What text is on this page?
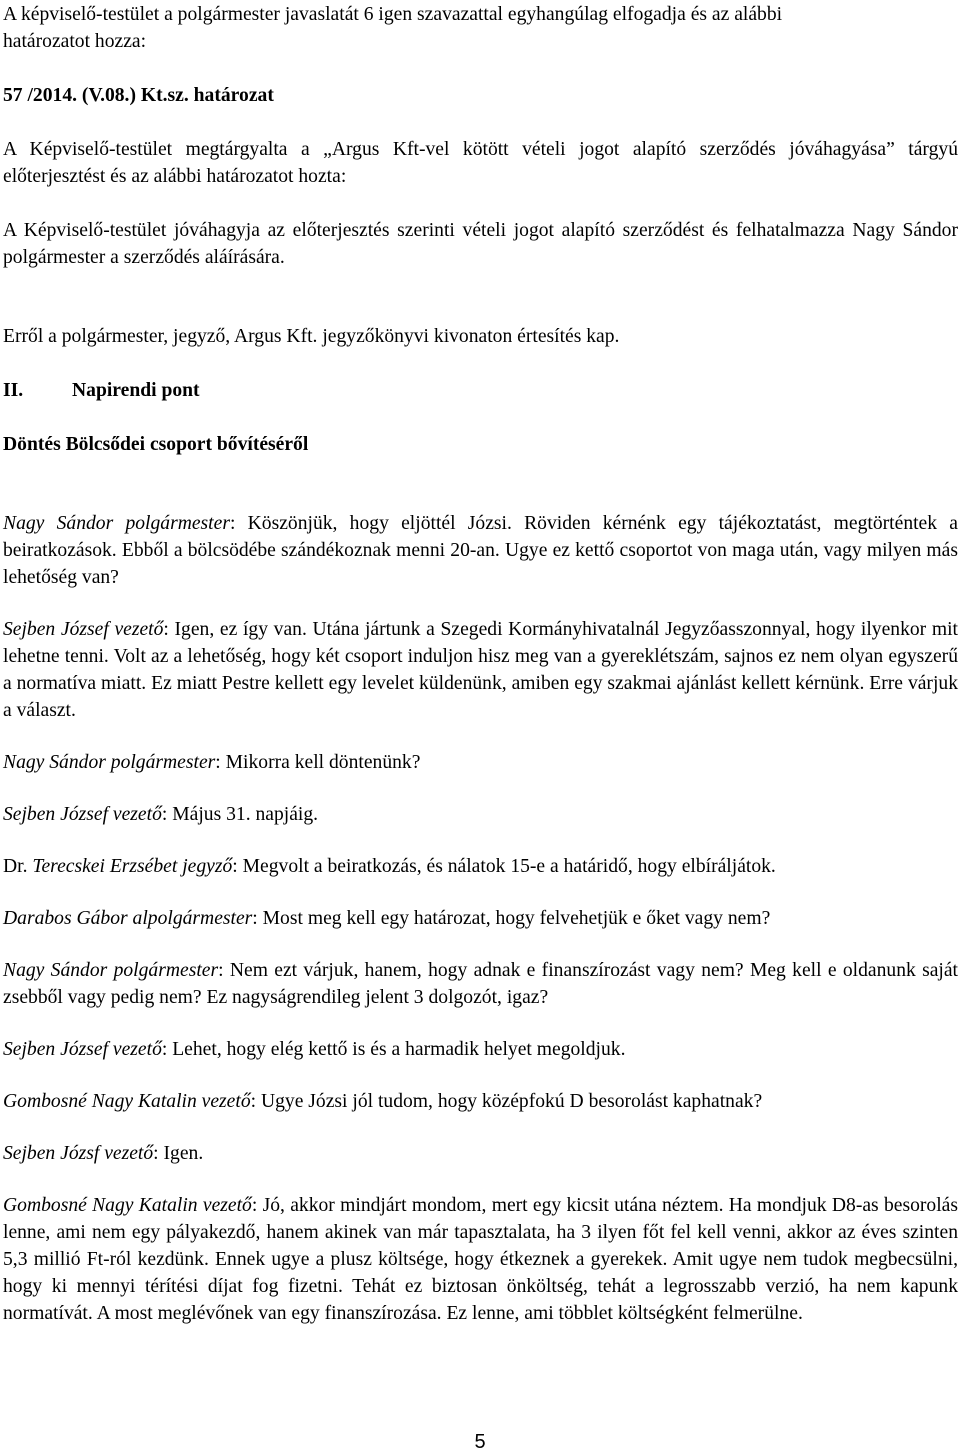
A képviselő-testület a polgármester javaslatát 6 igen szavazattal egyhangúlag elfogadja és az alábbi
határozatot hozza:

57 /2014. (V.08.) Kt.sz. határozat

A Képviselő-testület megtárgyalta a „Argus Kft-vel kötött vételi jogot alapító szerződés jóváhagyása” tárgyú előterjesztést és az alábbi határozatot hozta:

A Képviselő-testület jóváhagyja az előterjesztés szerinti vételi jogot alapító szerződést és felhatalmazza Nagy Sándor polgármester a szerződés aláírására.

Erről a polgármester, jegyző, Argus Kft. jegyzőkönyvi kivonaton értesítés kap.

II. Napirendi pont

Döntés Bölcsődei csoport bővítéséről

Nagy Sándor polgármester: Köszönjük, hogy eljöttél Józsi. Röviden kérnénk egy tájékoztatást, megtörténtek a beiratkozások. Ebből a bölcsödébe szándékoznak menni 20-an. Ugye ez kettő csoportot von maga után, vagy milyen más lehetőség van?

Sejben József vezető: Igen, ez így van. Utána jártunk a Szegedi Kormányhivatalnál Jegyzőasszonnyal, hogy ilyenkor mit lehetne tenni. Volt az a lehetőség, hogy két csoport induljon hisz meg van a gyereklétszám, sajnos ez nem olyan egyszerű a normatíva miatt. Ez miatt Pestre kellett egy levelet küldenünk, amiben egy szakmai ajánlást kellett kérnünk. Erre várjuk a választ.

Nagy Sándor polgármester: Mikorra kell döntenünk?

Sejben József vezető: Május 31. napjáig.

Dr. Terecskei Erzsébet jegyző: Megvolt a beiratkozás, és nálatok 15-e a határidő, hogy elbíráljátok.

Darabos Gábor alpolgármester: Most meg kell egy határozat, hogy felvehetjük e őket vagy nem?

Nagy Sándor polgármester: Nem ezt várjuk, hanem, hogy adnak e finanszírozást vagy nem? Meg kell e oldanunk saját zsebből vagy pedig nem? Ez nagyságrendileg jelent 3 dolgozót, igaz?

Sejben József vezető: Lehet, hogy elég kettő is és a harmadik helyet megoldjuk.

Gombosné Nagy Katalin vezető: Ugye Józsi jól tudom, hogy középfokú D besorolást kaphatnak?

Sejben Józsf vezető: Igen.

Gombosné Nagy Katalin vezető: Jó, akkor mindjárt mondom, mert egy kicsit utána néztem. Ha mondjuk D8-as besorolás lenne, ami nem egy pályakezdő, hanem akinek van már tapasztalata, ha 3 ilyen főt fel kell venni, akkor az éves szinten 5,3 millió Ft-ról kezdünk. Ennek ugye a plusz költsége, hogy étkeznek a gyerekek. Amit ugye nem tudok megbecsülni, hogy ki mennyi térítési díjat fog fizetni. Tehát ez biztosan önköltség, tehát a legrosszabb verzió, ha nem kapunk normatívát. A most meglévőnek van egy finanszírozása. Ez lenne, ami többlet költségként felmerülne.

5
